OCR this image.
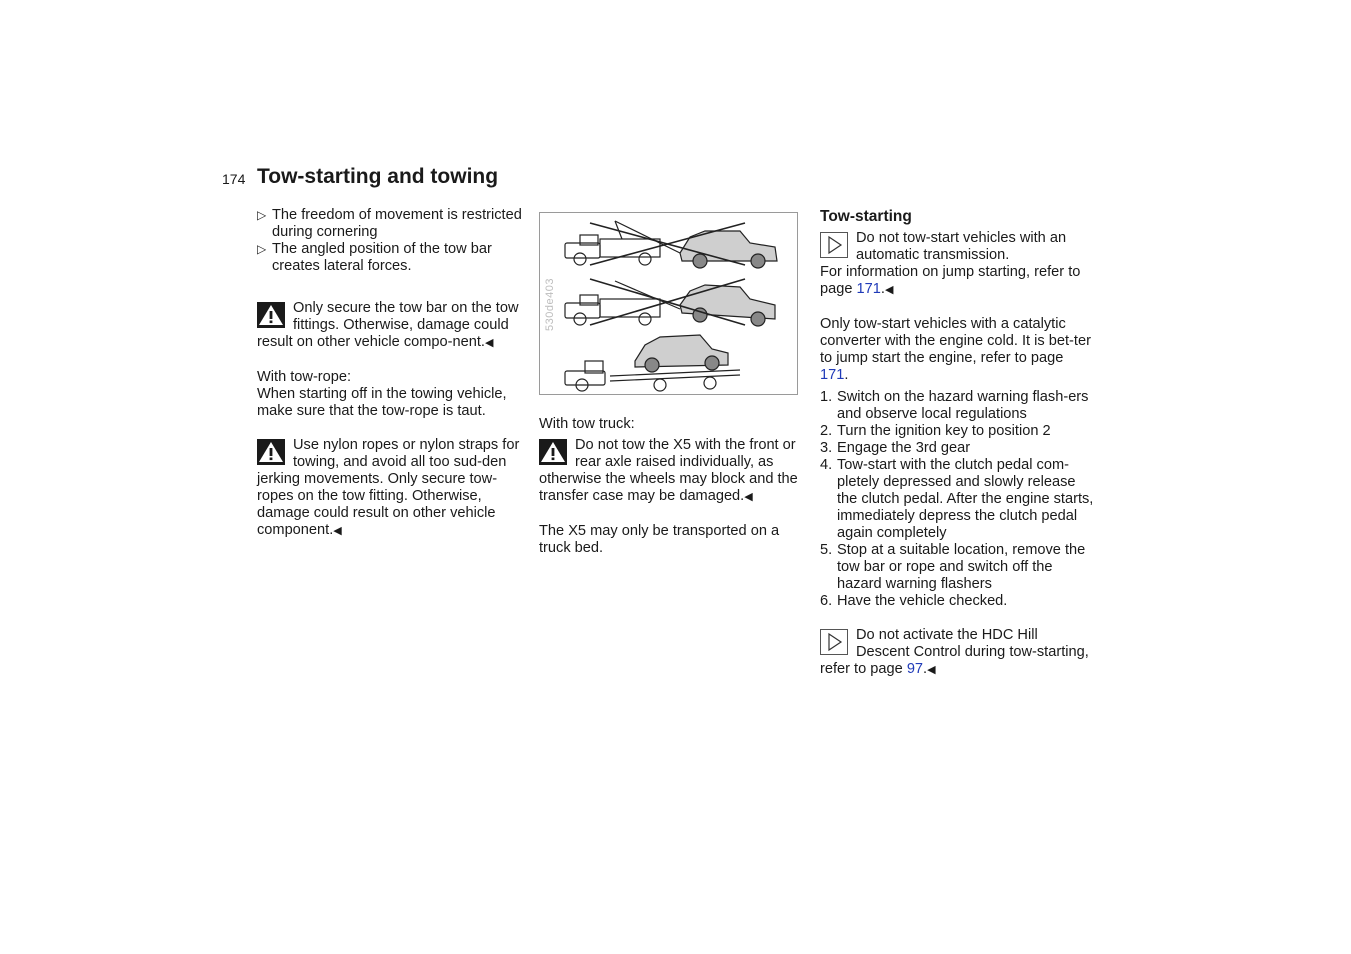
174 Tow-starting and towing
▷ The freedom of movement is restricted during cornering
▷ The angled position of the tow bar creates lateral forces.
Only secure the tow bar on the tow fittings. Otherwise, damage could result on other vehicle compo-nent.◀
With tow-rope:
When starting off in the towing vehicle, make sure that the tow-rope is taut.
Use nylon ropes or nylon straps for towing, and avoid all too sud-den jerking movements. Only secure tow-ropes on the tow fitting. Otherwise, damage could result on other vehicle component.◀
530de403
With tow truck:
Do not tow the X5 with the front or rear axle raised individually, as otherwise the wheels may block and the transfer case may be damaged.◀
The X5 may only be transported on a truck bed.
Tow-starting
Do not tow-start vehicles with an automatic transmission.
For information on jump starting, refer to page 171.◀
Only tow-start vehicles with a catalytic converter with the engine cold. It is bet-ter to jump start the engine, refer to page 171.
1. Switch on the hazard warning flash-ers and observe local regulations
2. Turn the ignition key to position 2
3. Engage the 3rd gear
4. Tow-start with the clutch pedal com-pletely depressed and slowly release the clutch pedal. After the engine starts, immediately depress the clutch pedal again completely
5. Stop at a suitable location, remove the tow bar or rope and switch off the hazard warning flashers
6. Have the vehicle checked.
Do not activate the HDC Hill Descent Control during tow-starting, refer to page 97.◀
